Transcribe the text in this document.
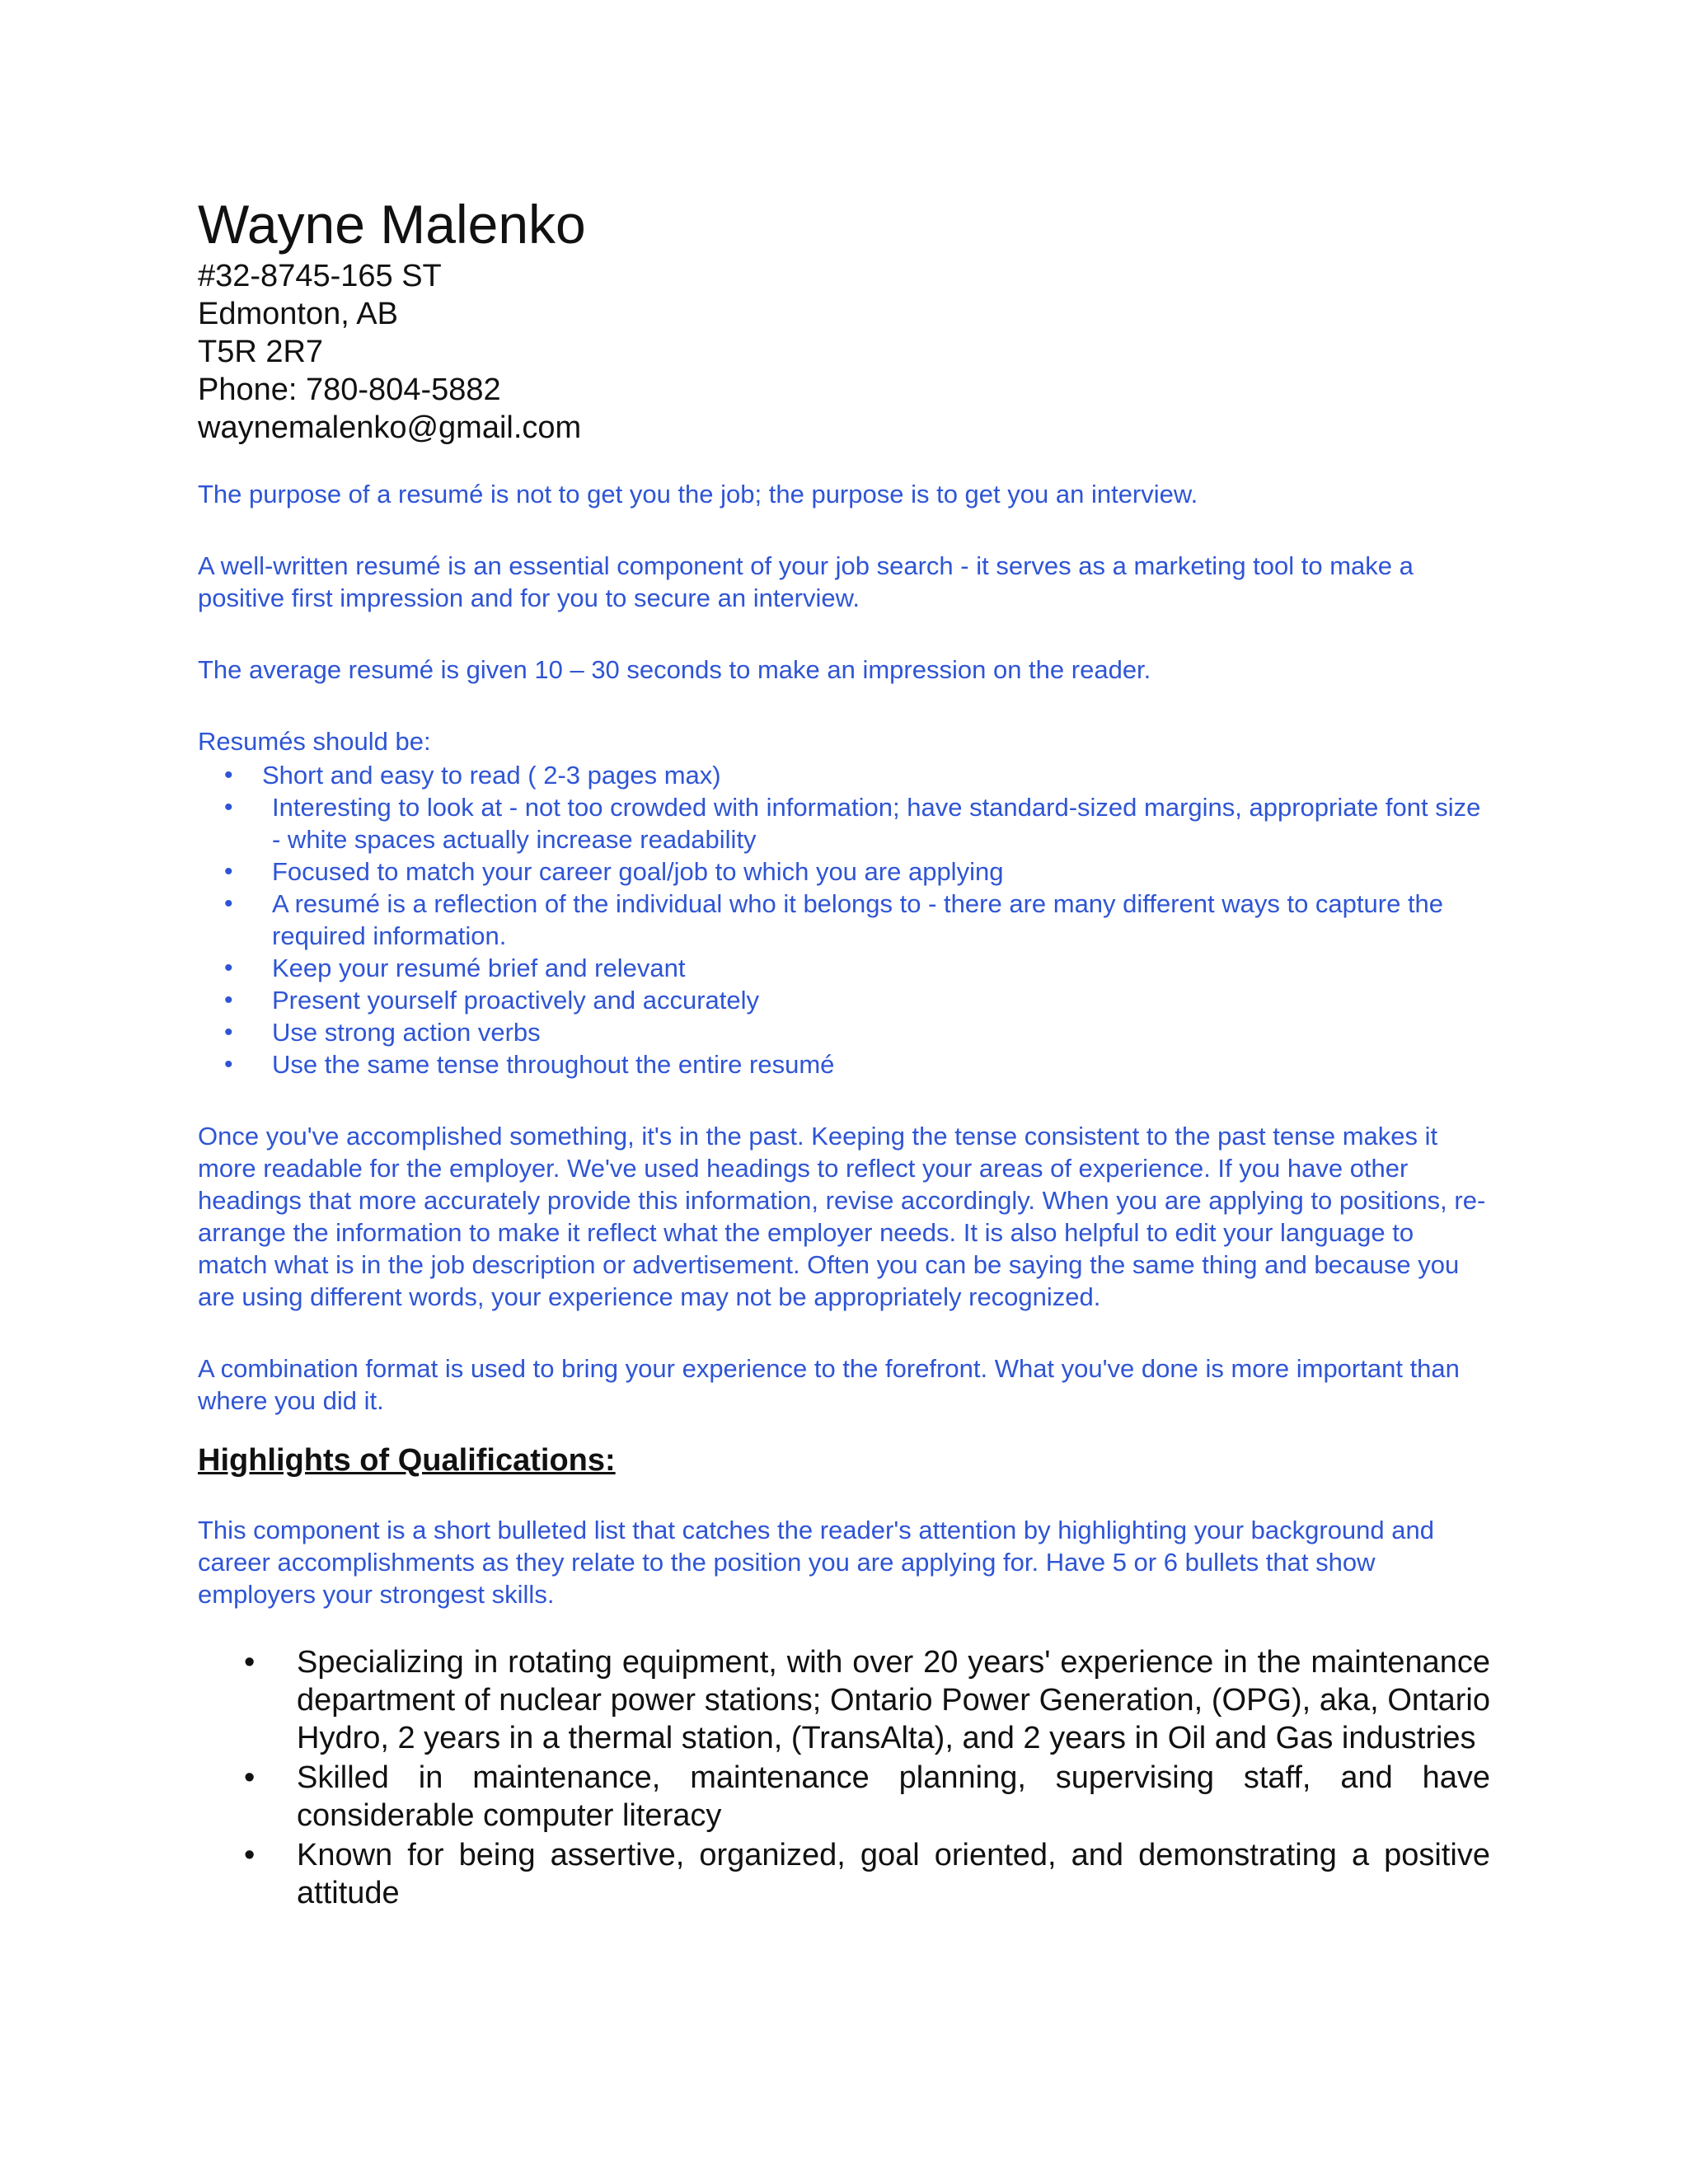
Wayne Malenko
#32-8745-165 ST
Edmonton, AB
T5R 2R7
Phone: 780-804-5882
waynemalenko@gmail.com

The purpose of a resumé is not to get you the job; the purpose is to get you an interview.

A well-written resumé is an essential component of your job search - it serves as a marketing tool to make a positive first impression and for you to secure an interview.

The average resumé is given 10 – 30 seconds to make an impression on the reader.

Resumés should be:

• Short and easy to read ( 2-3 pages max)
• Interesting to look at - not too crowded with information; have standard-sized margins, appropriate font size - white spaces actually increase readability
• Focused to match your career goal/job to which you are applying
• A resumé is a reflection of the individual who it belongs to - there are many different ways to capture the required information.
• Keep your resumé brief and relevant
• Present yourself proactively and accurately
• Use strong action verbs
• Use the same tense throughout the entire resumé

Once you've accomplished something, it's in the past. Keeping the tense consistent to the past tense makes it more readable for the employer. We've used headings to reflect your areas of experience. If you have other headings that more accurately provide this information, revise accordingly. When you are applying to positions, re-arrange the information to make it reflect what the employer needs. It is also helpful to edit your language to match what is in the job description or advertisement. Often you can be saying the same thing and because you are using different words, your experience may not be appropriately recognized.

A combination format is used to bring your experience to the forefront. What you've done is more important than where you did it.

Highlights of Qualifications:

This component is a short bulleted list that catches the reader's attention by highlighting your background and career accomplishments as they relate to the position you are applying for. Have 5 or 6 bullets that show employers your strongest skills.

• Specializing in rotating equipment, with over 20 years' experience in the maintenance department of nuclear power stations; Ontario Power Generation, (OPG), aka, Ontario Hydro, 2 years in a thermal station, (TransAlta), and 2 years in Oil and Gas industries
• Skilled in maintenance, maintenance planning, supervising staff, and have considerable computer literacy
• Known for being assertive, organized, goal oriented, and demonstrating a positive attitude
